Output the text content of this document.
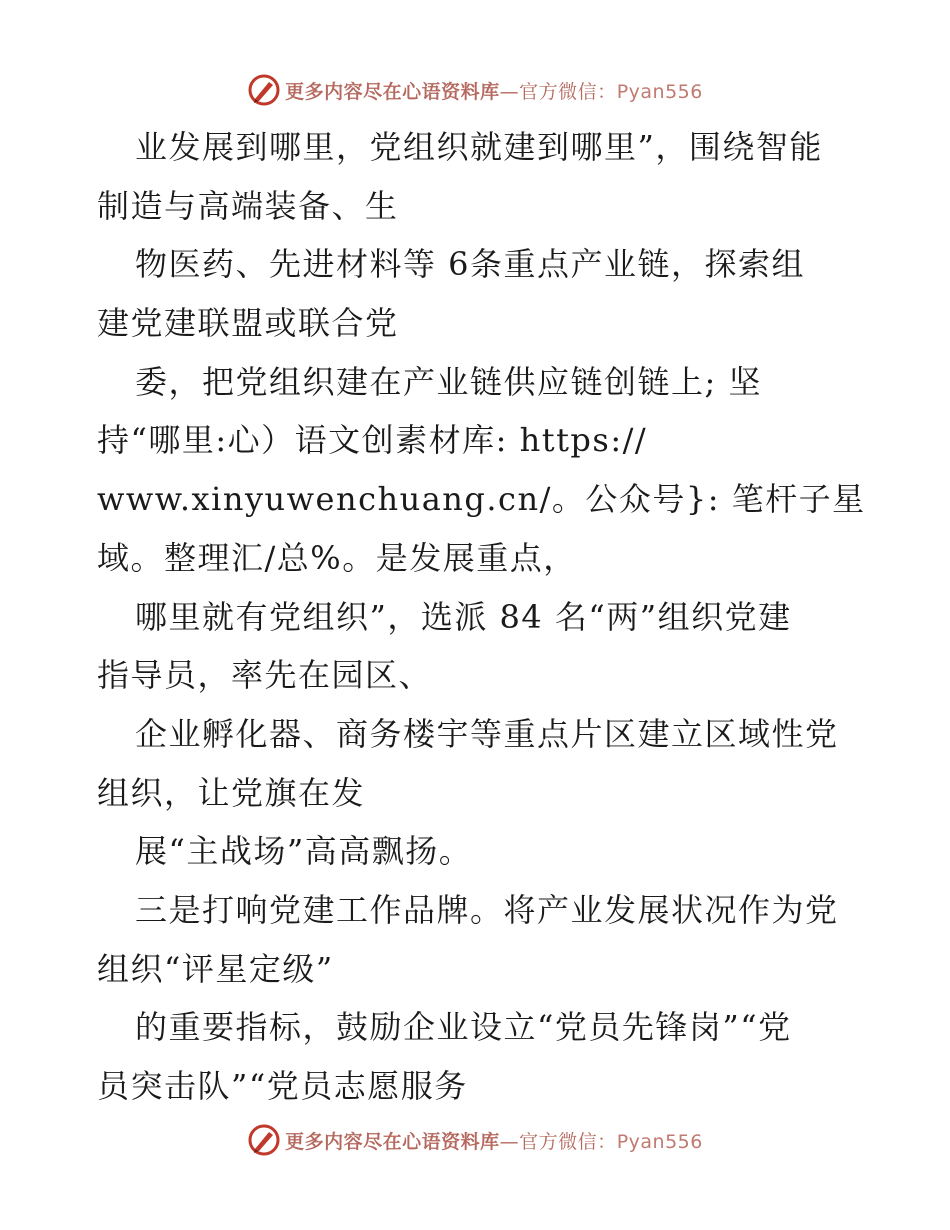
更多内容尽在心语资料库—官方微信：Pyan556
业发展到哪里，党组织就建到哪里”，围绕智能
制造与高端装备、生
物医药、先进材料等 6条重点产业链，探索组
建党建联盟或联合党
委，把党组织建在产业链供应链创链上; 坚
持“哪里:心）语文创素材库: https://
www.xinyuwenchuang.cn/。公众号}: 笔杆子星
域。整理汇/总%。是发展重点，
哪里就有党组织”，选派 84 名“两”组织党建
指导员，率先在园区、
企业孵化器、商务楼宇等重点片区建立区域性党
组织，让党旗在发
展“主战场”高高飘扬。
三是打响党建工作品牌。将产业发展状况作为党
组织“评星定级”
的重要指标，鼓励企业设立“党员先锋岗”“党
员突击队”“党员志愿服务
更多内容尽在心语资料库—官方微信：Pyan556
